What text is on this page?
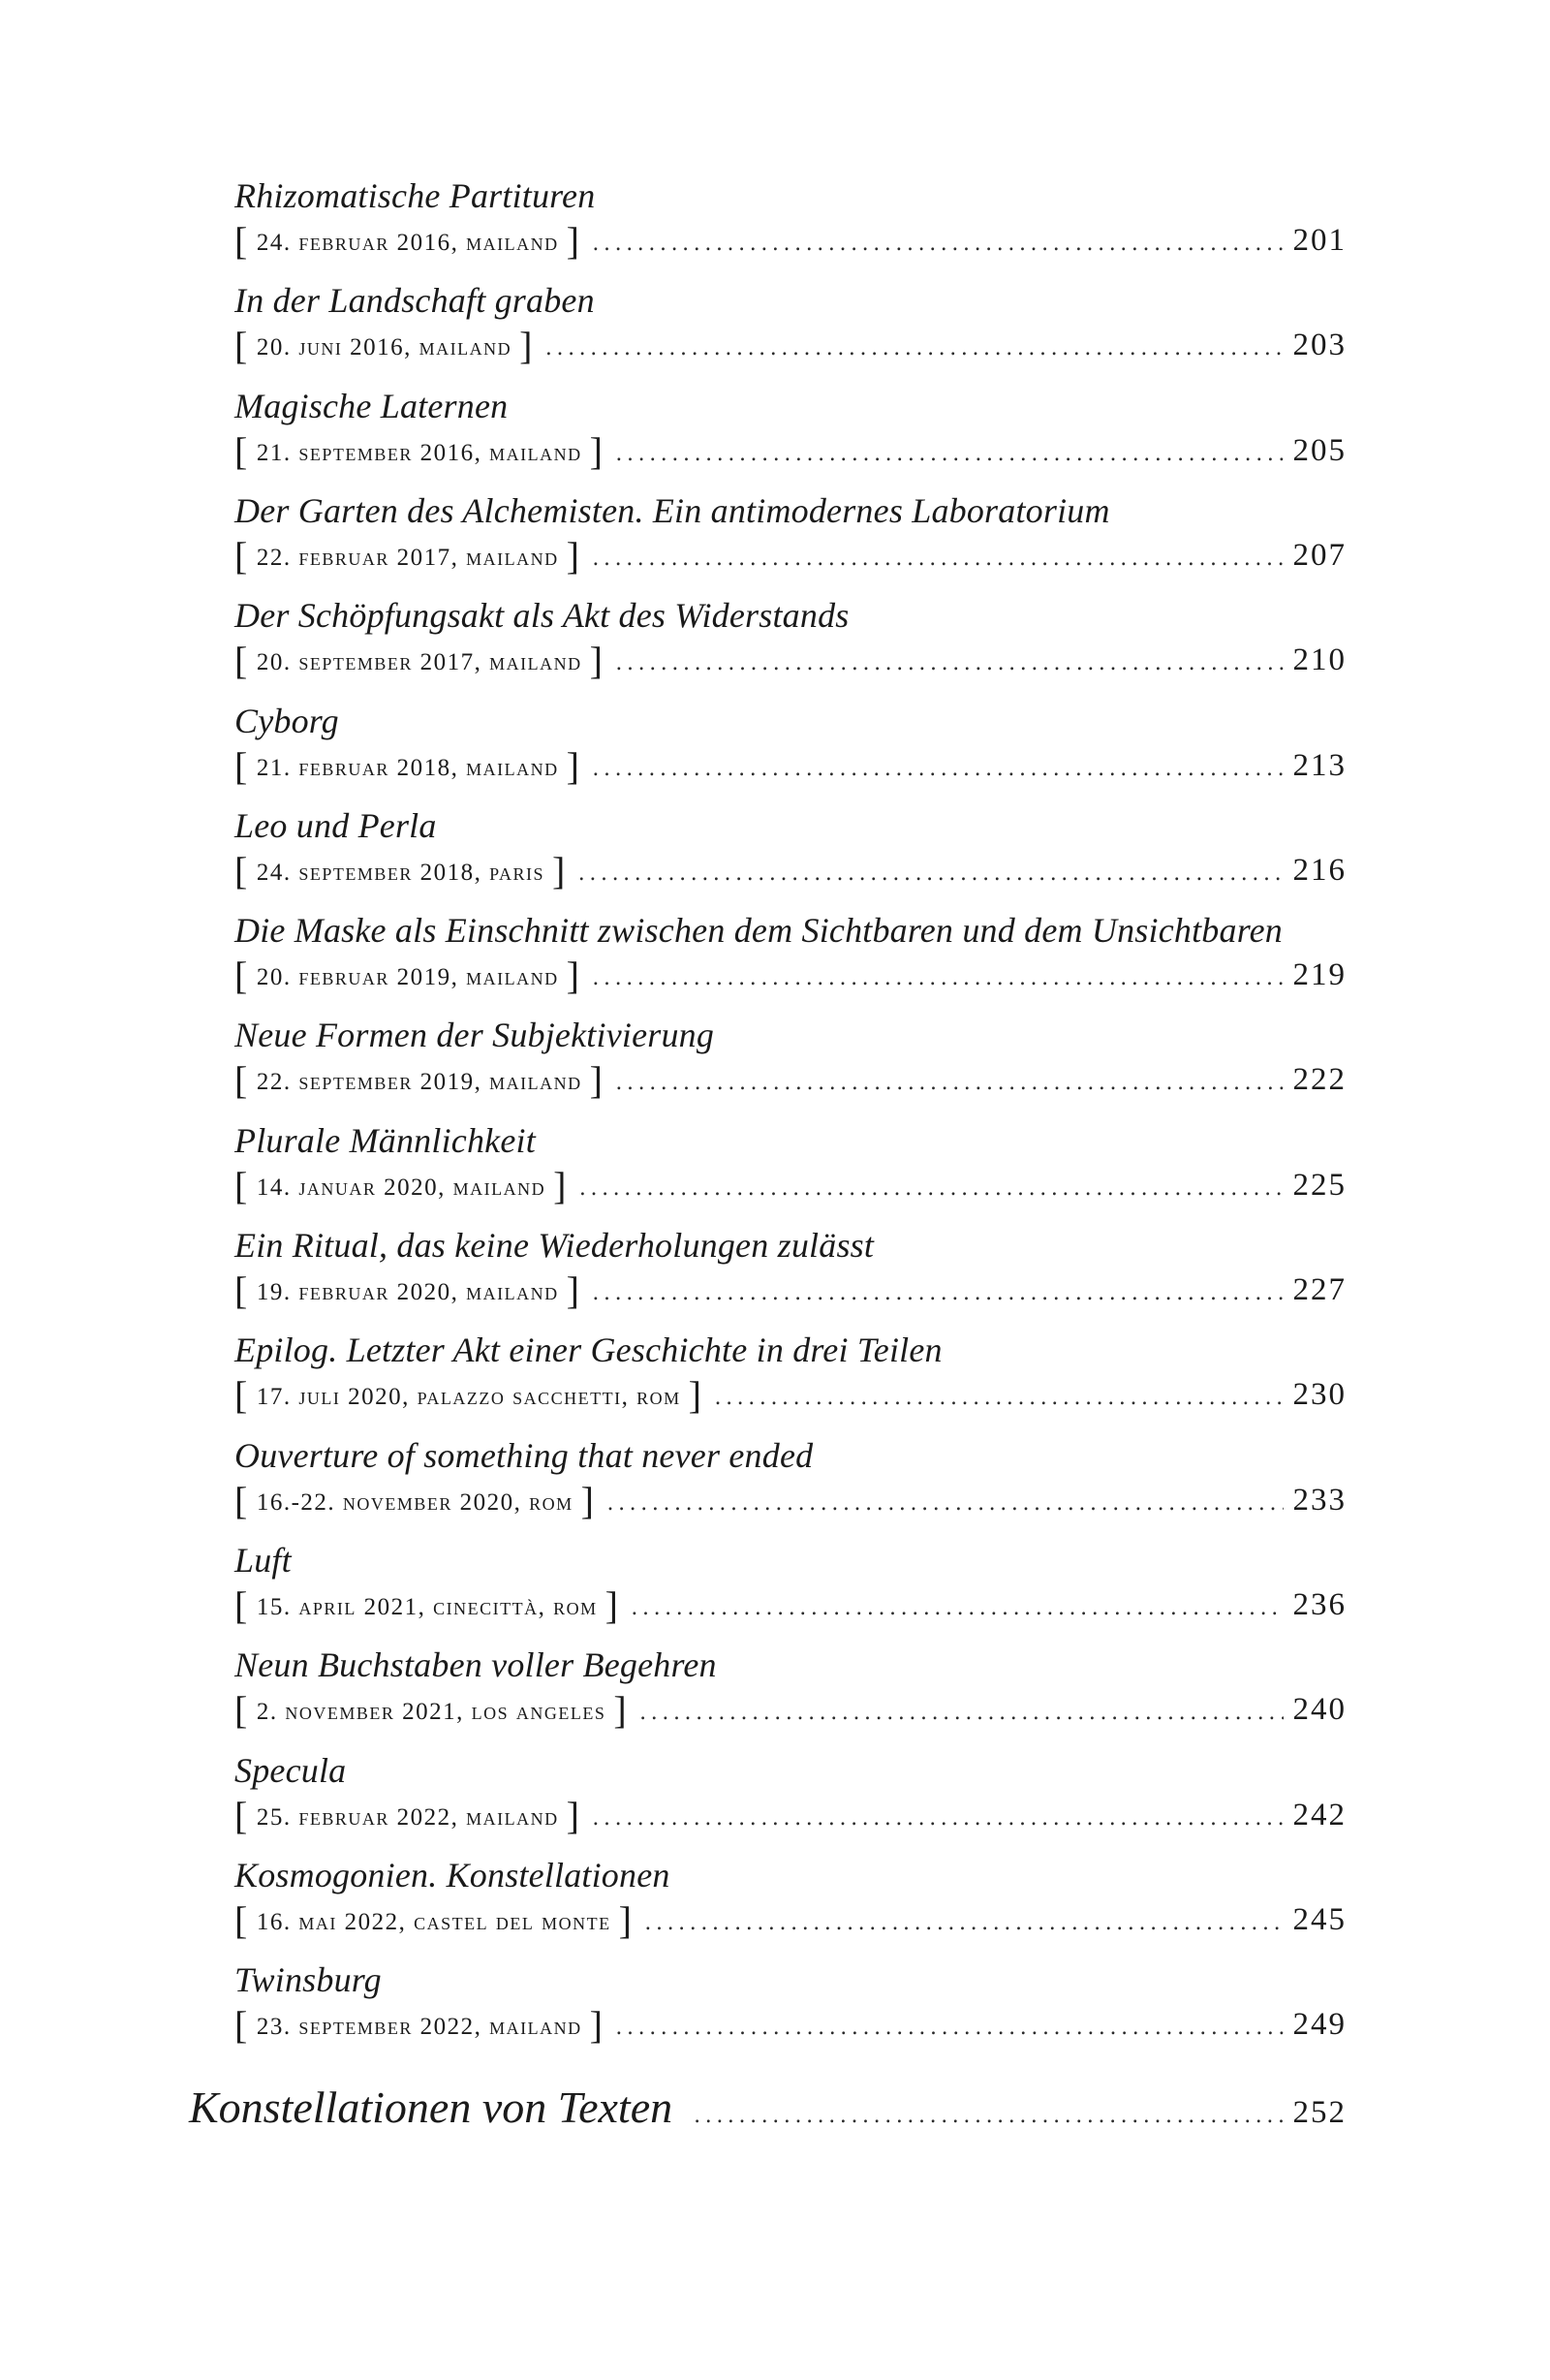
Rhizomatische Partituren
[ 24. februar 2016, mailand ] .....	201
In der Landschaft graben
[ 20. juni 2016, mailand ] .....	203
Magische Laternen
[ 21. september 2016, mailand ] .....	205
Der Garten des Alchemisten. Ein antimodernes Laboratorium
[ 22. februar 2017, mailand ] .....	207
Der Schöpfungsakt als Akt des Widerstands
[ 20. september 2017, mailand ] .....	210
Cyborg
[ 21. februar 2018, mailand ] .....	213
Leo und Perla
[ 24. september 2018, paris ] .....	216
Die Maske als Einschnitt zwischen dem Sichtbaren und dem Unsichtbaren
[ 20. februar 2019, mailand ] .....	219
Neue Formen der Subjektivierung
[ 22. september 2019, mailand ] .....	222
Plurale Männlichkeit
[ 14. januar 2020, mailand ] .....	225
Ein Ritual, das keine Wiederholungen zulässt
[ 19. februar 2020, mailand ] .....	227
Epilog. Letzter Akt einer Geschichte in drei Teilen
[ 17. juli 2020, palazzo sacchetti, rom ] .....	230
Ouverture of something that never ended
[ 16.-22. november 2020, rom ] .....	233
Luft
[ 15. april 2021, cinecittà, rom ] .....	236
Neun Buchstaben voller Begehren
[ 2. november 2021, los angeles ] .....	240
Specula
[ 25. februar 2022, mailand ] .....	242
Kosmogonien. Konstellationen
[ 16. mai 2022, castel del monte ] .....	245
Twinsburg
[ 23. september 2022, mailand ] .....	249
Konstellationen von Texten .....	252
